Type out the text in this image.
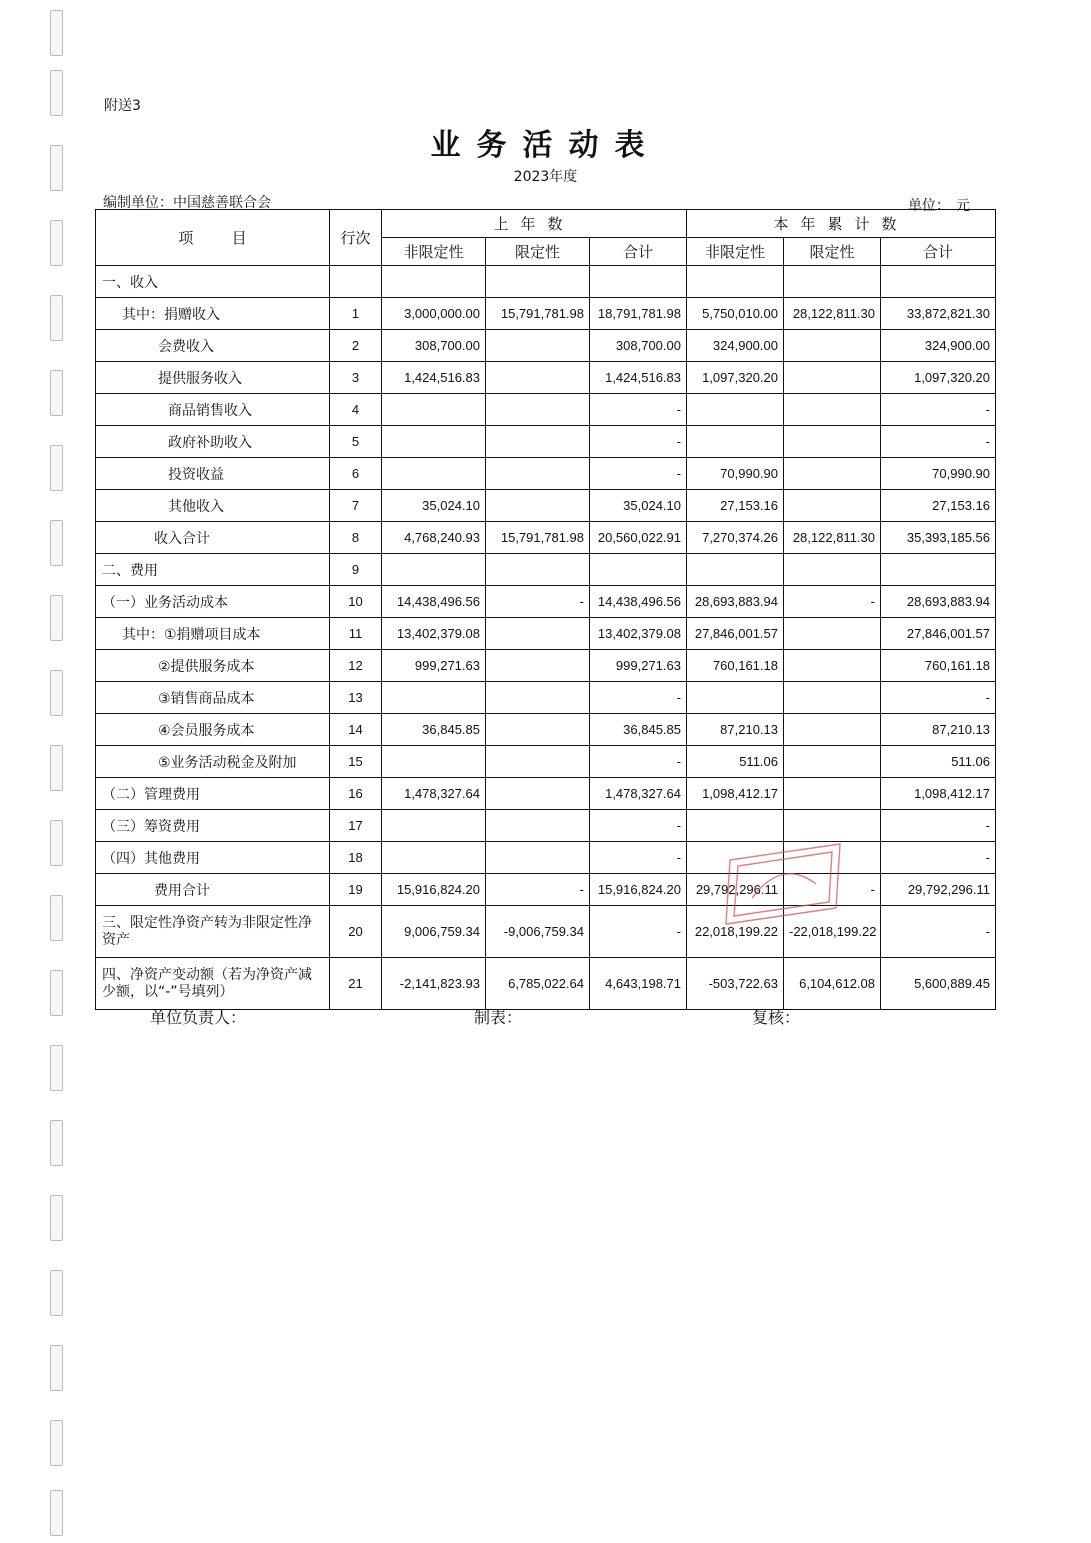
附送3
业务活动表
2023年度
编制单位：中国慈善联合会	单位： 元
项        目	行次	上年数			本年累计数		
		非限定性	限定性	合计	非限定性	限定性	合计
一、收入							
其中：捐赠收入	1	3,000,000.00	15,791,781.98	18,791,781.98	5,750,010.00	28,122,811.30	33,872,821.30
会费收入	2	308,700.00		308,700.00	324,900.00		324,900.00
提供服务收入	3	1,424,516.83		1,424,516.83	1,097,320.20		1,097,320.20
商品销售收入	4			-			-
政府补助收入	5			-			-
投资收益	6			-	70,990.90		70,990.90
其他收入	7	35,024.10		35,024.10	27,153.16		27,153.16
收入合计	8	4,768,240.93	15,791,781.98	20,560,022.91	7,270,374.26	28,122,811.30	35,393,185.56
二、费用	9						
（一）业务活动成本	10	14,438,496.56	-	14,438,496.56	28,693,883.94	-	28,693,883.94
其中：①捐赠项目成本	11	13,402,379.08		13,402,379.08	27,846,001.57		27,846,001.57
②提供服务成本	12	999,271.63		999,271.63	760,161.18		760,161.18
③销售商品成本	13			-			-
④会员服务成本	14	36,845.85		36,845.85	87,210.13		87,210.13
⑤业务活动税金及附加	15			-	511.06		511.06
（二）管理费用	16	1,478,327.64		1,478,327.64	1,098,412.17		1,098,412.17
（三）筹资费用	17			-			-
（四）其他费用	18			-			-
费用合计	19	15,916,824.20	-	15,916,824.20	29,792,296.11	-	29,792,296.11
三、限定性净资产转为非限定性净资产	20	9,006,759.34	-9,006,759.34	-	22,018,199.22	-22,018,199.22	-
四、净资产变动额（若为净资产减少额，以“-”号填列）	21	-2,141,823.93	6,785,022.64	4,643,198.71	-503,722.63	6,104,612.08	5,600,889.45
单位负责人：	制表：	复核：
